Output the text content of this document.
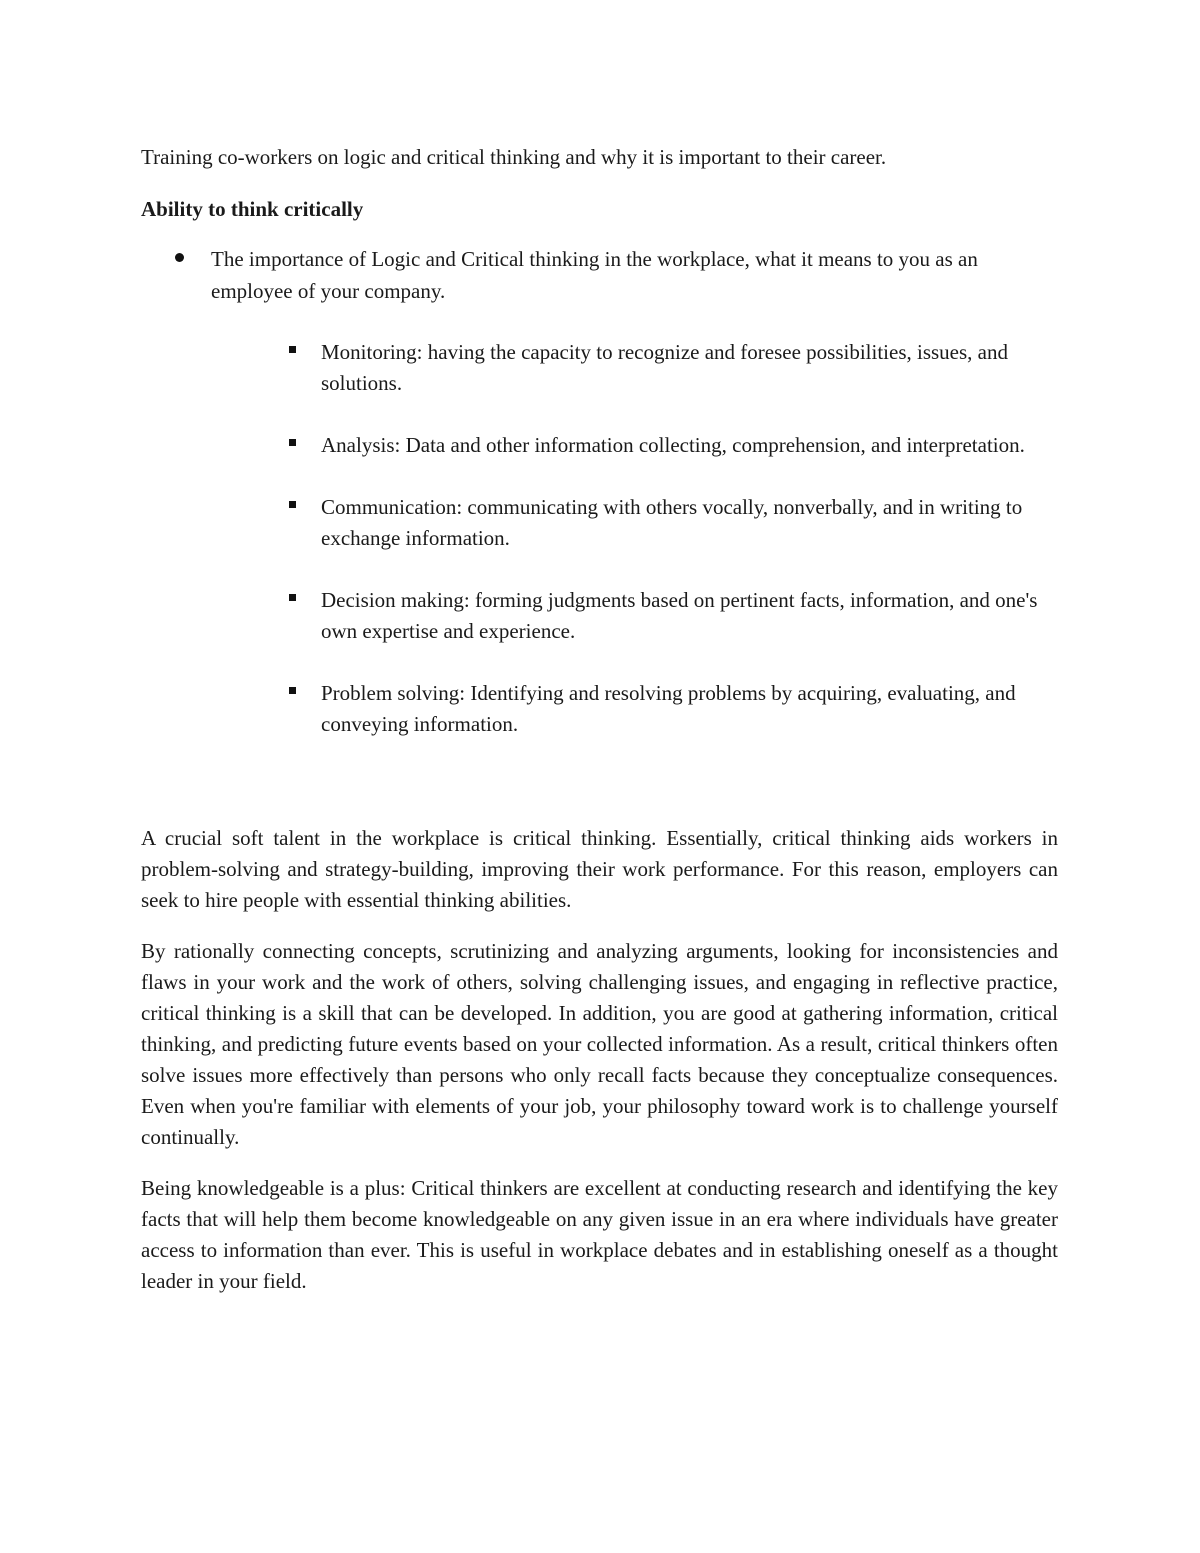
Training co-workers on logic and critical thinking and why it is important to their career.

Ability to think critically

The importance of Logic and Critical thinking in the workplace, what it means to you as an employee of your company.
Monitoring: having the capacity to recognize and foresee possibilities, issues, and solutions.
Analysis: Data and other information collecting, comprehension, and interpretation.
Communication: communicating with others vocally, nonverbally, and in writing to exchange information.
Decision making: forming judgments based on pertinent facts, information, and one's own expertise and experience.
Problem solving: Identifying and resolving problems by acquiring, evaluating, and conveying information.

A crucial soft talent in the workplace is critical thinking. Essentially, critical thinking aids workers in problem-solving and strategy-building, improving their work performance. For this reason, employers can seek to hire people with essential thinking abilities.

By rationally connecting concepts, scrutinizing and analyzing arguments, looking for inconsistencies and flaws in your work and the work of others, solving challenging issues, and engaging in reflective practice, critical thinking is a skill that can be developed. In addition, you are good at gathering information, critical thinking, and predicting future events based on your collected information. As a result, critical thinkers often solve issues more effectively than persons who only recall facts because they conceptualize consequences. Even when you're familiar with elements of your job, your philosophy toward work is to challenge yourself continually.

Being knowledgeable is a plus: Critical thinkers are excellent at conducting research and identifying the key facts that will help them become knowledgeable on any given issue in an era where individuals have greater access to information than ever. This is useful in workplace debates and in establishing oneself as a thought leader in your field.
